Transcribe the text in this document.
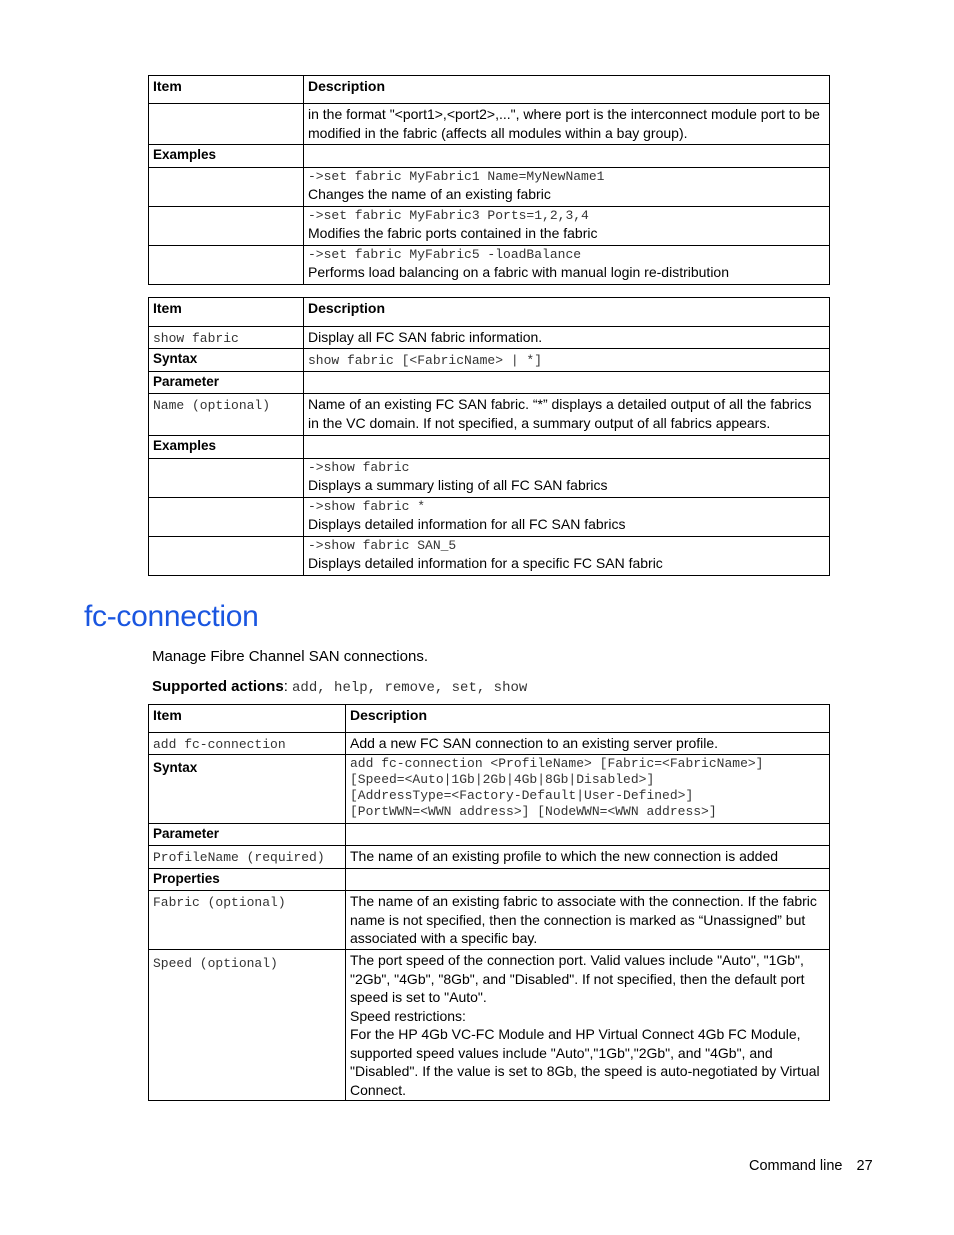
Item	Description
	in the format "<port1>,<port2>,...", where port is the interconnect module port to be modified in the fabric (affects all modules within a bay group).
Examples	

	->set fabric MyFabric1 Name=MyNewName1
Changes the name of an existing fabric

	->set fabric MyFabric3 Ports=1,2,3,4
Modifies the fabric ports contained in the fabric

	->set fabric MyFabric5 -loadBalance
Performs load balancing on a fabric with manual login re-distribution
Item	Description
show fabric	Display all FC SAN fabric information.
Syntax	show fabric [<FabricName> | *]
Parameter	
Name (optional)	Name of an existing FC SAN fabric. “*” displays a detailed output of all the fabrics in the VC domain. If not specified, a summary output of all fabrics appears.
Examples	

	->show fabric
Displays a summary listing of all FC SAN fabrics

	->show fabric *
Displays detailed information for all FC SAN fabrics

	->show fabric SAN_5
Displays detailed information for a specific FC SAN fabric
fc-connection
Manage Fibre Channel SAN connections.
Supported actions: add, help, remove, set, show
Item	Description
add fc-connection	Add a new FC SAN connection to an existing server profile.
Syntax	add fc-connection <ProfileName> [Fabric=<FabricName>]
[Speed=<Auto|1Gb|2Gb|4Gb|8Gb|Disabled>]
[AddressType=<Factory-Default|User-Defined>]
[PortWWN=<WWN address>] [NodeWWN=<WWN address>]

Parameter	
ProfileName (required)	The name of an existing profile to which the new connection is added
Properties	
Fabric (optional)	The name of an existing fabric to associate with the connection. If the fabric name is not specified, then the connection is marked as “Unassigned” but associated with a specific bay.
Speed (optional)	The port speed of the connection port. Valid values include "Auto", "1Gb", "2Gb", "4Gb", "8Gb", and "Disabled". If not specified, then the default port speed is set to "Auto".
Speed restrictions:
For the HP 4Gb VC-FC Module and HP Virtual Connect 4Gb FC Module, supported speed values include "Auto","1Gb","2Gb", and "4Gb", and "Disabled". If the value is set to 8Gb, the speed is auto-negotiated by Virtual Connect.
Command line 27
